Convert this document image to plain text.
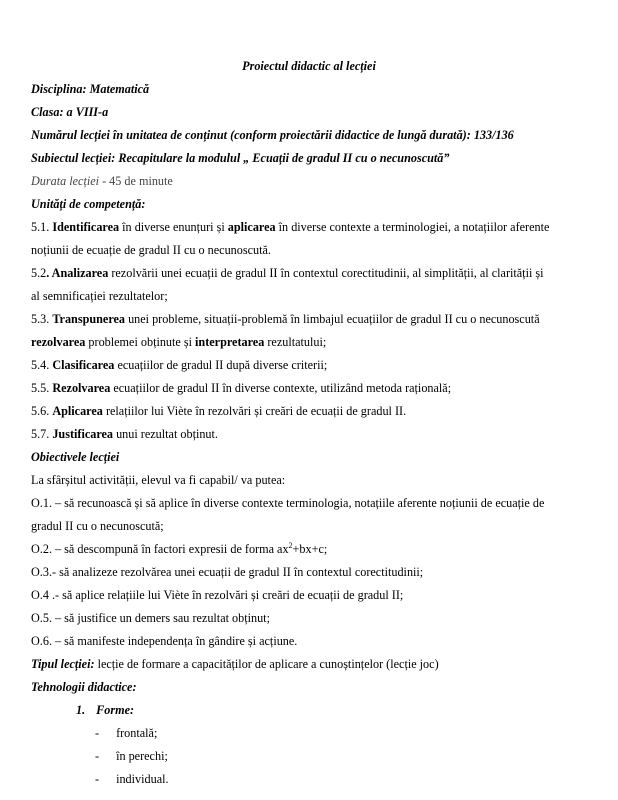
Proiectul didactic al lecției
Disciplina: Matematică
Clasa: a VIII-a
Numărul lecției în unitatea de conținut (conform proiectării didactice de lungă durată): 133/136
Subiectul lecției: Recapitulare la modulul „ Ecuații de gradul II cu o necunoscută”
Durata lecției - 45 de minute
Unități de competență:
5.1. Identificarea în diverse enunțuri și aplicarea în diverse contexte a terminologiei, a notațiilor aferente
noțiunii de ecuație de gradul II cu o necunoscută.
5.2. Analizarea rezolvării unei ecuații de gradul II în contextul corectitudinii, al simplității, al clarității și
al semnificației rezultatelor;
5.3. Transpunerea unei probleme, situații-problemă în limbajul ecuațiilor de gradul II cu o necunoscută
rezolvarea problemei obținute și interpretarea rezultatului;
5.4. Clasificarea ecuațiilor de gradul II după diverse criterii;
5.5. Rezolvarea ecuațiilor de gradul II în diverse contexte, utilizând metoda rațională;
5.6. Aplicarea relațiilor lui Viète în rezolvări și creări de ecuații de gradul II.
5.7. Justificarea unui rezultat obținut.
Obiectivele lecției
La sfârșitul activității, elevul va fi capabil/ va putea:
O.1. – să recunoască și să aplice în diverse contexte terminologia, notațiile aferente noțiunii de ecuație de
gradul II cu o necunoscută;
O.2. – să descompună în factori expresii de forma $ax^2+bx+c$;
O.3.- să analizeze rezolvărea unei ecuații de gradul II în contextul corectitudinii;
O.4 .- să aplice relațiile lui Viète în rezolvări și creări de ecuații de gradul II;
O.5. – să justifice un demers sau rezultat obținut;
O.6. – să manifeste independența în gândire și acțiune.
Tipul lecției: lecție de formare a capacităților de aplicare a cunoștințelor (lecție joc)
Tehnologii didactice:
1. Forme:
- frontală;
- în perechi;
- individual.
